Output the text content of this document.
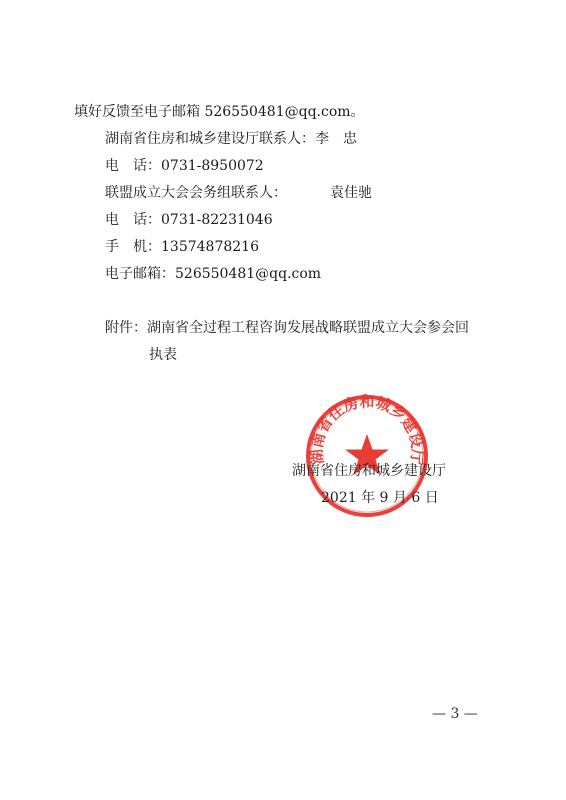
填好反馈至电子邮箱 526550481@qq.com。
湖南省住房和城乡建设厅联系人：李　忠
电　话：0731-8950072
联盟成立大会会务组联系人：	袁佳驰
电　话：0731-82231046
手　机：13574878216
电子邮箱：526550481@qq.com
附件：湖南省全过程工程咨询发展战略联盟成立大会参会回
执表
湖南省住房和城乡建设厅
湖南省住房和城乡建设厅
2021 年 9 月 6 日
— 3 —
